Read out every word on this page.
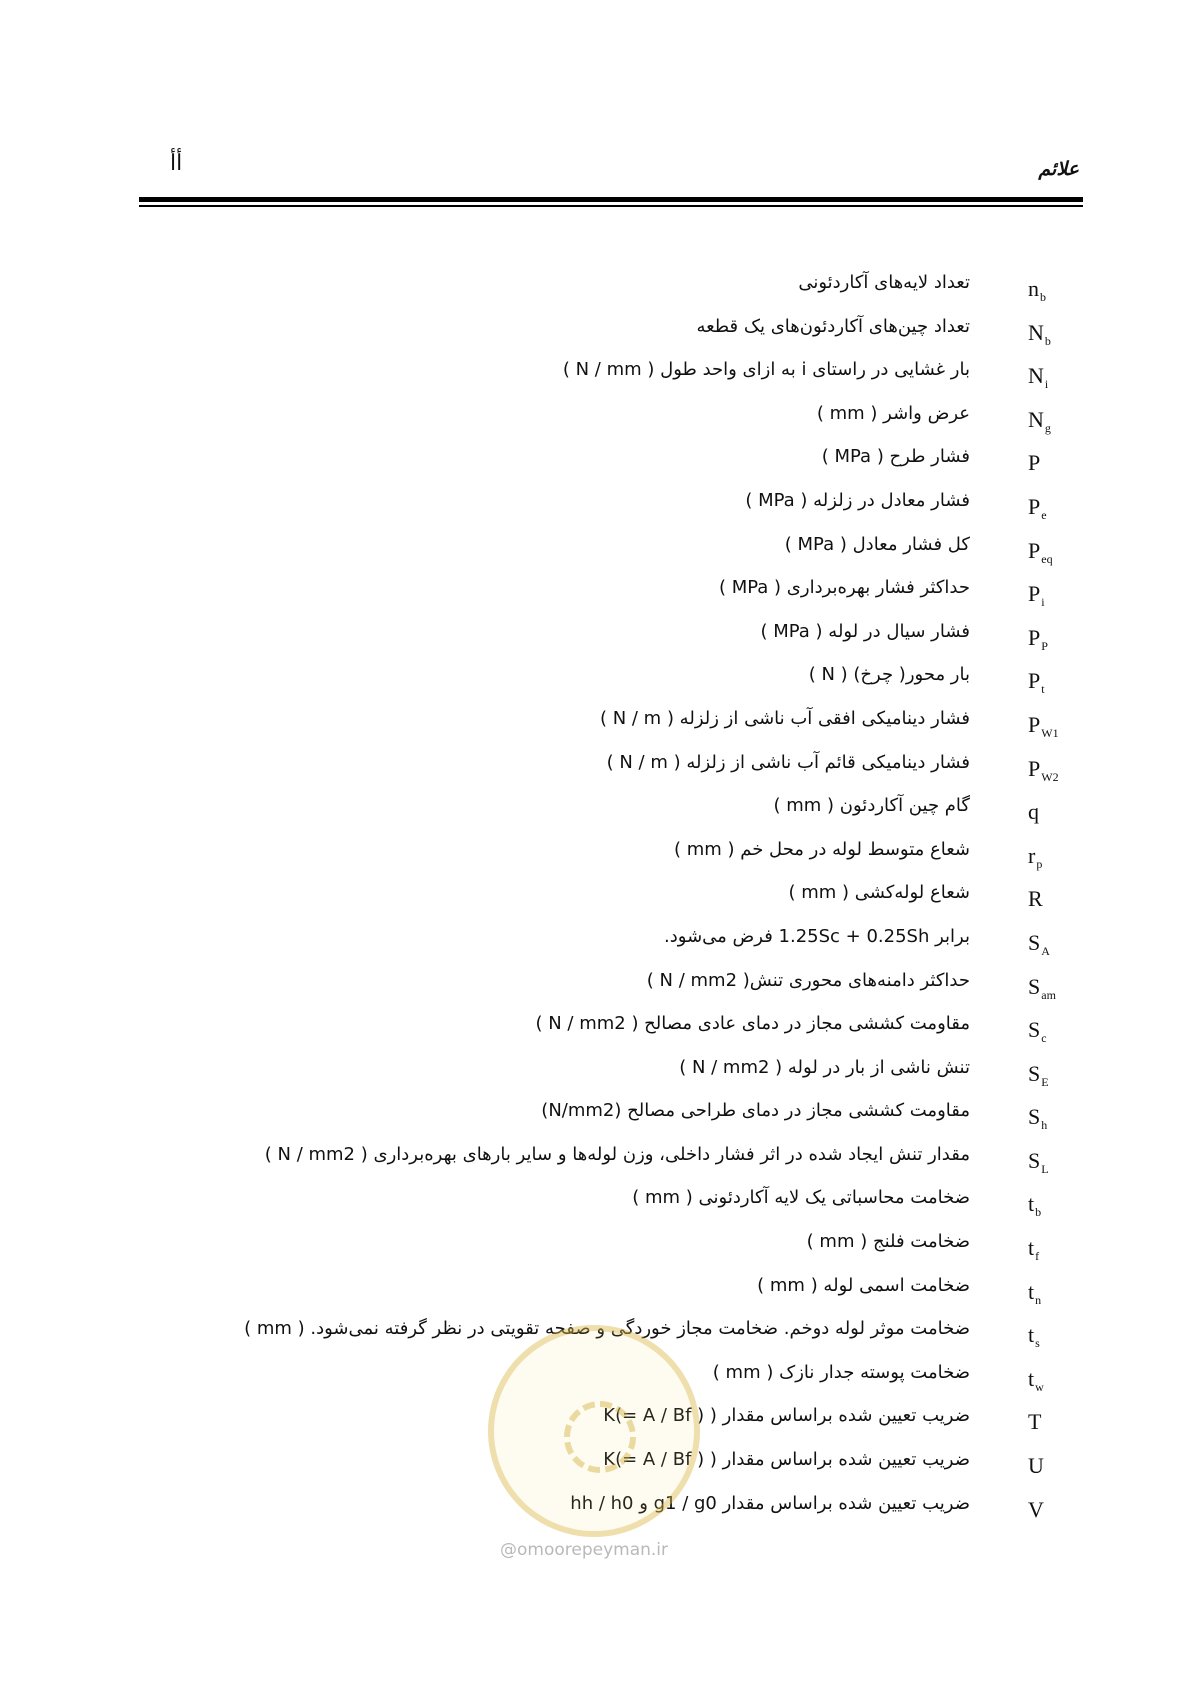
أأ	علائم
$n_b$
تعداد لایه‌های آکاردئونی
$N_b$
تعداد چین‌های آکاردئون‌های یک قطعه
$N_i$
بار غشایی در راستای i به ازای واحد طول ( N / mm )
$N_g$
عرض واشر ( mm )
P
فشار طرح ( MPa )
$P_e$
فشار معادل در زلزله ( MPa )
$P_{eq}$
کل فشار معادل ( MPa )
$P_i$
حداکثر فشار بهره‌برداری ( MPa )
$P_P$
فشار سیال در لوله ( MPa )
$P_t$
بار محور( چرخ) ( N )
$P_{W1}$
فشار دینامیکی افقی آب ناشی از زلزله ( N / m )
$P_{W2}$
فشار دینامیکی قائم آب ناشی از زلزله ( N / m )
q
گام چین آکاردئون ( mm )
$r_p$
شعاع متوسط لوله در محل خم ( mm )
R
شعاع لوله‌کشی ( mm )
$S_A$
برابر 1.25Sc + 0.25Sh فرض می‌شود.
$S_{am}$
حداکثر دامنه‌های محوری تنش( N / mm2 )
$S_c$
مقاومت کششی مجاز در دمای عادی مصالح ( N / mm2 )
$S_E$
تنش ناشی از بار در لوله ( N / mm2 )
$S_h$
مقاومت کششی مجاز در دمای طراحی مصالح (N/mm2)
$S_L$
مقدار تنش ایجاد شده در اثر فشار داخلی، وزن لوله‌ها و سایر بارهای بهره‌برداری ( N / mm2 )
$t_b$
ضخامت محاسباتی یک لایه آکاردئونی ( mm )
$t_f$
ضخامت فلنج ( mm )
$t_n$
ضخامت اسمی لوله ( mm )
$t_s$
ضخامت موثر لوله دوخم. ضخامت مجاز خوردگی و صفحه تقویتی در نظر گرفته نمی‌شود. ( mm )
$t_w$
ضخامت پوسته جدار نازک ( mm )
T
ضریب تعیین شده براساس مقدار ( K(= A / Bf )
U
ضریب تعیین شده براساس مقدار ( K(= A / Bf )
V
ضریب تعیین شده براساس مقدار g1 / g0 و hh / h0
@omoorepeyman.ir
